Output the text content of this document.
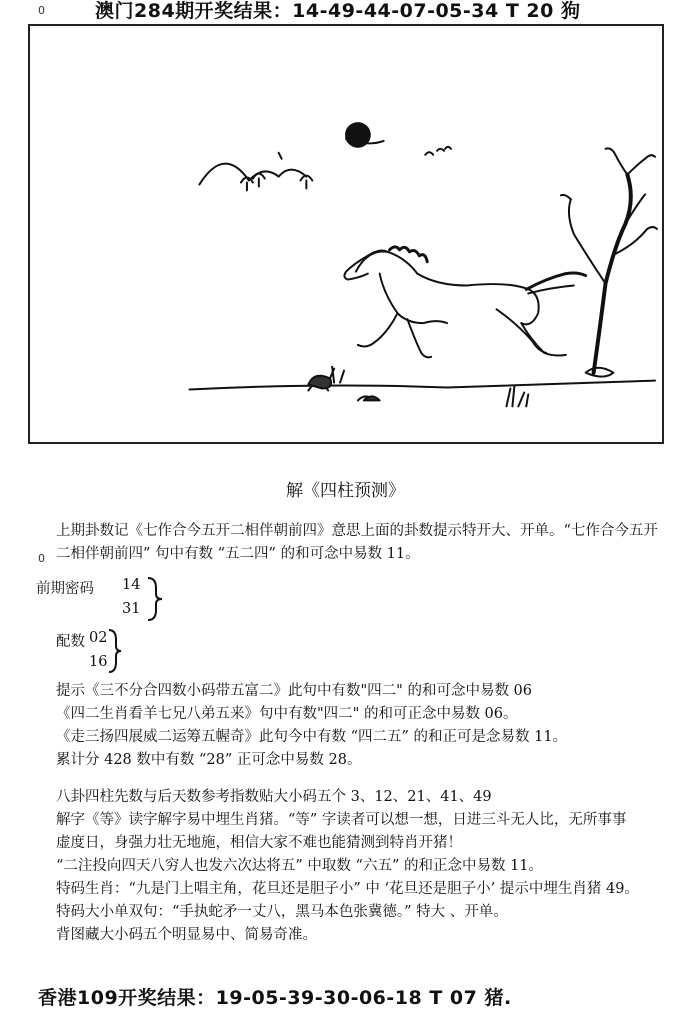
0	澳门284期开奖结果：14-49-44-07-05-34 T 20 狗
解《四柱预测》
0
上期卦数记《七作合今五开二相伴朝前四》意思上面的卦数提示特开大、开单。“七作合今五开
二相伴朝前四” 句中有数 “五二四” 的和可念中易数 11。
前期密码 14
31
配数 02
16
提示《三不分合四数小码带五富二》此句中有数"四二" 的和可念中易数 06
《四二生肖看羊七兄八弟五来》句中有数"四二" 的和可正念中易数 06。
《走三扬四展威二运筹五幄奇》此句今中有数 “四二五” 的和正可是念易数 11。
累计分 428 数中有数 “28” 正可念中易数 28。
八卦四柱先数与后天数参考指数贴大小码五个 3、12、21、41、49
解字《等》读字解字易中埋生肖猪。“等” 字读者可以想一想，日进三斗无人比，无所事事
虚度日，身强力壮无地施，相信大家不难也能猜测到特肖开猪！
“二注投向四天八穷人也发六次达将五” 中取数 “六五” 的和正念中易数 11。
特码生肖：“九是门上唱主角，花旦还是胆子小” 中 ‘花旦还是胆子小’ 提示中埋生肖猪 49。
特码大小单双句：“手执蛇矛一丈八，黑马本色张冀德。” 特大 、开单。
背图藏大小码五个明显易中、简易奇准。
香港109开奖结果：19-05-39-30-06-18 T 07 猪.
